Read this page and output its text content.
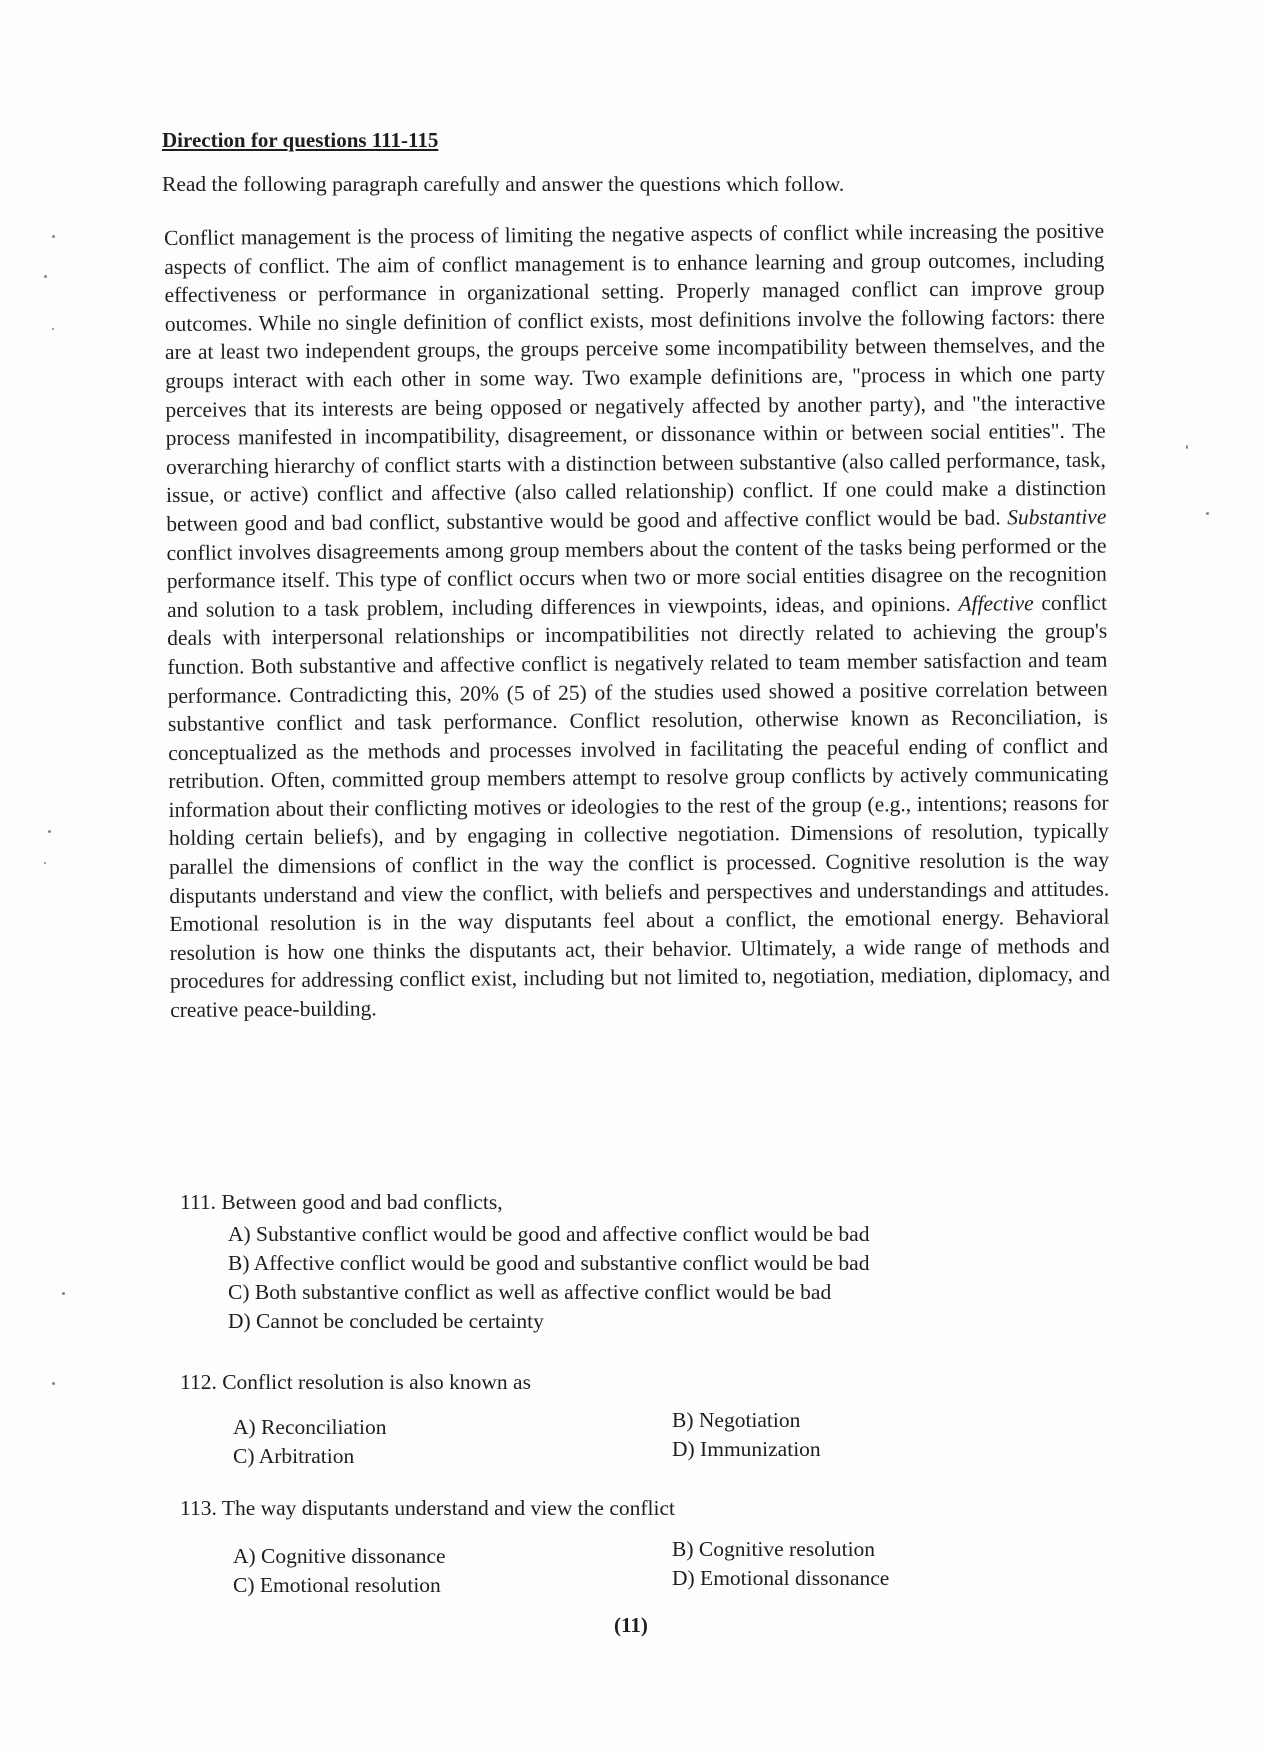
Direction for questions 111-115
Read the following paragraph carefully and answer the questions which follow.
Conflict management is the process of limiting the negative aspects of conflict while increasing the positive aspects of conflict. The aim of conflict management is to enhance learning and group outcomes, including effectiveness or performance in organizational setting. Properly managed conflict can improve group outcomes. While no single definition of conflict exists, most definitions involve the following factors: there are at least two independent groups, the groups perceive some incompatibility between themselves, and the groups interact with each other in some way. Two example definitions are, "process in which one party perceives that its interests are being opposed or negatively affected by another party), and "the interactive process manifested in incompatibility, disagreement, or dissonance within or between social entities". The overarching hierarchy of conflict starts with a distinction between substantive (also called performance, task, issue, or active) conflict and affective (also called relationship) conflict. If one could make a distinction between good and bad conflict, substantive would be good and affective conflict would be bad. Substantive conflict involves disagreements among group members about the content of the tasks being performed or the performance itself. This type of conflict occurs when two or more social entities disagree on the recognition and solution to a task problem, including differences in viewpoints, ideas, and opinions. Affective conflict deals with interpersonal relationships or incompatibilities not directly related to achieving the group's function. Both substantive and affective conflict is negatively related to team member satisfaction and team performance. Contradicting this, 20% (5 of 25) of the studies used showed a positive correlation between substantive conflict and task performance. Conflict resolution, otherwise known as Reconciliation, is conceptualized as the methods and processes involved in facilitating the peaceful ending of conflict and retribution. Often, committed group members attempt to resolve group conflicts by actively communicating information about their conflicting motives or ideologies to the rest of the group (e.g., intentions; reasons for holding certain beliefs), and by engaging in collective negotiation. Dimensions of resolution, typically parallel the dimensions of conflict in the way the conflict is processed. Cognitive resolution is the way disputants understand and view the conflict, with beliefs and perspectives and understandings and attitudes. Emotional resolution is in the way disputants feel about a conflict, the emotional energy. Behavioral resolution is how one thinks the disputants act, their behavior. Ultimately, a wide range of methods and procedures for addressing conflict exist, including but not limited to, negotiation, mediation, diplomacy, and creative peace-building.
111. Between good and bad conflicts,
A) Substantive conflict would be good and affective conflict would be bad
B) Affective conflict would be good and substantive conflict would be bad
C) Both substantive conflict as well as affective conflict would be bad
D) Cannot be concluded be certainty
112. Conflict resolution is also known as
A) Reconciliation	B) Negotiation
C) Arbitration	D) Immunization
113. The way disputants understand and view the conflict
A) Cognitive dissonance	B) Cognitive resolution
C) Emotional resolution	D) Emotional dissonance
(11)
